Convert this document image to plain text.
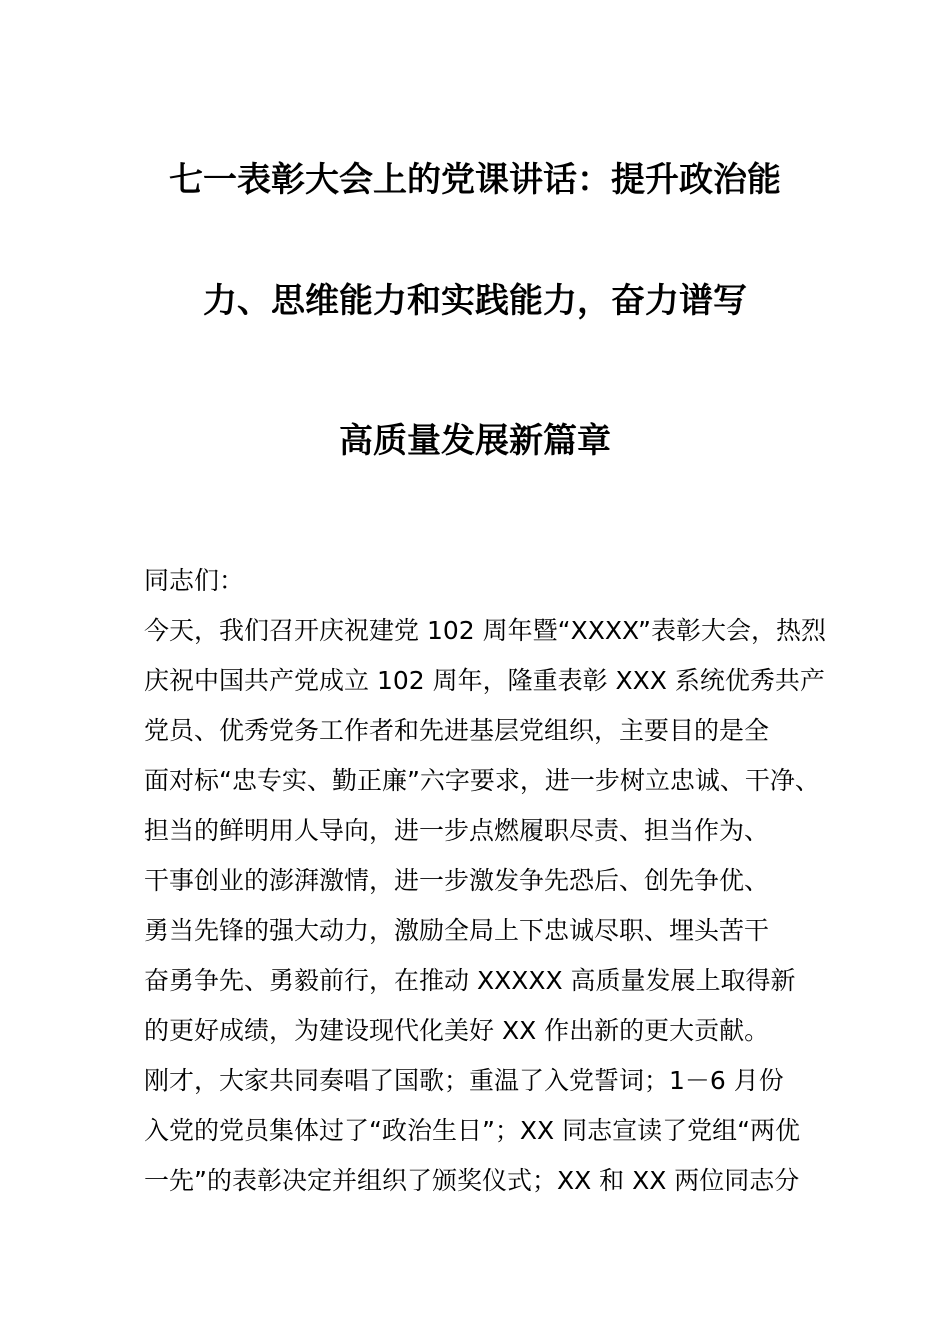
七一表彰大会上的党课讲话：提升政治能
力、思维能力和实践能力，奋力谱写
高质量发展新篇章
同志们：
今天，我们召开庆祝建党 102 周年暨“XXXX”表彰大会，热烈
庆祝中国共产党成立 102 周年，隆重表彰 XXX 系统优秀共产
党员、优秀党务工作者和先进基层党组织，主要目的是全
面对标“忠专实、勤正廉”六字要求，进一步树立忠诚、干净、
担当的鲜明用人导向，进一步点燃履职尽责、担当作为、
干事创业的澎湃激情，进一步激发争先恐后、创先争优、
勇当先锋的强大动力，激励全局上下忠诚尽职、埋头苦干
奋勇争先、勇毅前行，在推动 XXXXX 高质量发展上取得新
的更好成绩，为建设现代化美好 XX 作出新的更大贡献。
刚才，大家共同奏唱了国歌；重温了入党誓词；1－6 月份
入党的党员集体过了“政治生日”；XX 同志宣读了党组“两优
一先”的表彰决定并组织了颁奖仪式；XX 和 XX 两位同志分
